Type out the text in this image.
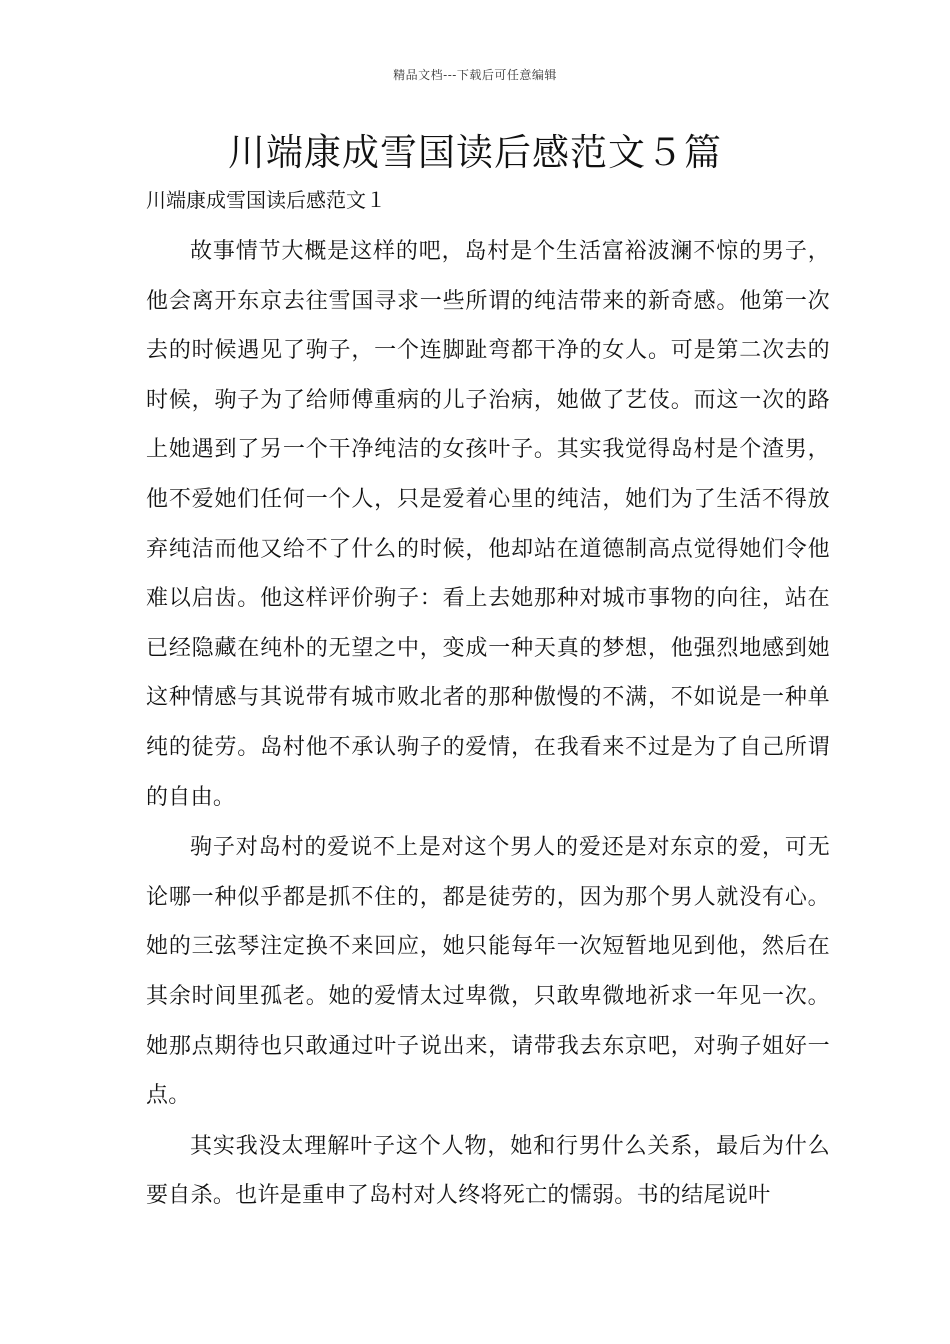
精品文档---下载后可任意编辑
川端康成雪国读后感范文５篇
川端康成雪国读后感范文１

故事情节大概是这样的吧，岛村是个生活富裕波澜不惊的男子，他会离开东京去往雪国寻求一些所谓的纯洁带来的新奇感。他第一次去的时候遇见了驹子，一个连脚趾弯都干净的女人。可是第二次去的时候，驹子为了给师傅重病的儿子治病，她做了艺伎。而这一次的路上她遇到了另一个干净纯洁的女孩叶子。其实我觉得岛村是个渣男，他不爱她们任何一个人，只是爱着心里的纯洁，她们为了生活不得放弃纯洁而他又给不了什么的时候，他却站在道德制高点觉得她们令他难以启齿。他这样评价驹子：看上去她那种对城市事物的向往，站在已经隐藏在纯朴的无望之中，变成一种天真的梦想，他强烈地感到她这种情感与其说带有城市败北者的那种傲慢的不满，不如说是一种单纯的徒劳。岛村他不承认驹子的爱情，在我看来不过是为了自己所谓的自由。

驹子对岛村的爱说不上是对这个男人的爱还是对东京的爱，可无论哪一种似乎都是抓不住的，都是徒劳的，因为那个男人就没有心。她的三弦琴注定换不来回应，她只能每年一次短暂地见到他，然后在其余时间里孤老。她的爱情太过卑微，只敢卑微地祈求一年见一次。她那点期待也只敢通过叶子说出来，请带我去东京吧，对驹子姐好一点。

其实我没太理解叶子这个人物，她和行男什么关系，最后为什么要自杀。也许是重申了岛村对人终将死亡的懦弱。书的结尾说叶
